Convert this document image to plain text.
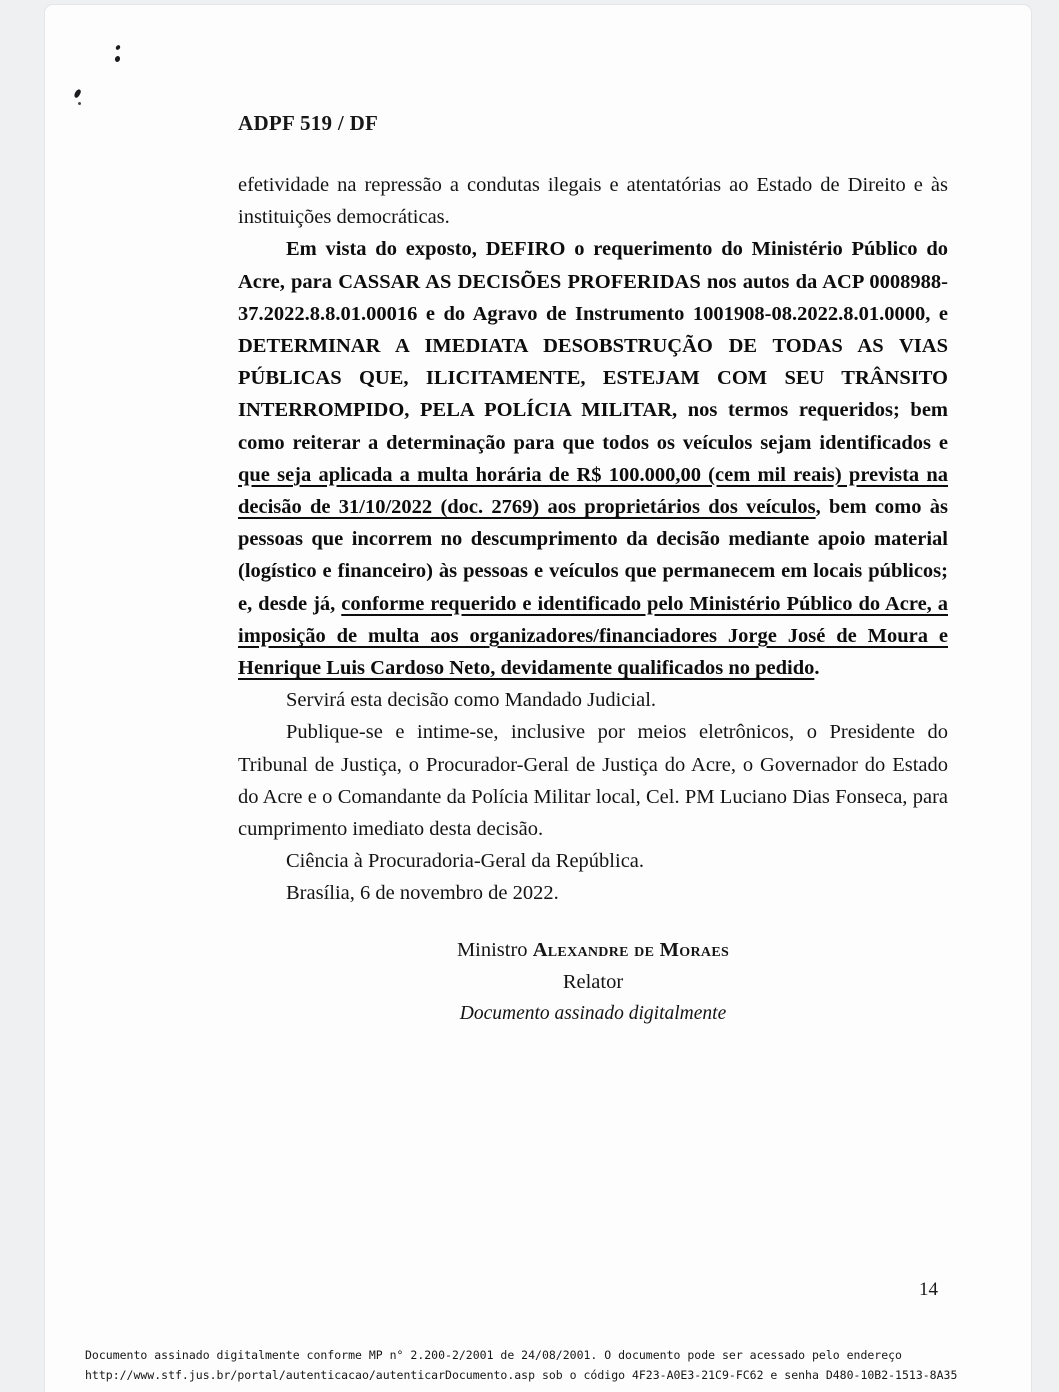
ADPF 519 / DF

efetividade na repressão a condutas ilegais e atentatórias ao Estado de Direito e às instituições democráticas.

Em vista do exposto, DEFIRO o requerimento do Ministério Público do Acre, para CASSAR AS DECISÕES PROFERIDAS nos autos da ACP 0008988-37.2022.8.8.01.00016 e do Agravo de Instrumento 1001908-08.2022.8.01.0000, e DETERMINAR A IMEDIATA DESOBSTRUÇÃO DE TODAS AS VIAS PÚBLICAS QUE, ILICITAMENTE, ESTEJAM COM SEU TRÂNSITO INTERROMPIDO, PELA POLÍCIA MILITAR, nos termos requeridos; bem como reiterar a determinação para que todos os veículos sejam identificados e que seja aplicada a multa horária de R$ 100.000,00 (cem mil reais) prevista na decisão de 31/10/2022 (doc. 2769) aos proprietários dos veículos, bem como às pessoas que incorrem no descumprimento da decisão mediante apoio material (logístico e financeiro) às pessoas e veículos que permanecem em locais públicos; e, desde já, conforme requerido e identificado pelo Ministério Público do Acre, a imposição de multa aos organizadores/financiadores Jorge José de Moura e Henrique Luis Cardoso Neto, devidamente qualificados no pedido.

Servirá esta decisão como Mandado Judicial.

Publique-se e intime-se, inclusive por meios eletrônicos, o Presidente do Tribunal de Justiça, o Procurador-Geral de Justiça do Acre, o Governador do Estado do Acre e o Comandante da Polícia Militar local, Cel. PM Luciano Dias Fonseca, para cumprimento imediato desta decisão.

Ciência à Procuradoria-Geral da República.

Brasília, 6 de novembro de 2022.

Ministro Alexandre de Moraes
Relator
Documento assinado digitalmente
14
Documento assinado digitalmente conforme MP n° 2.200-2/2001 de 24/08/2001. O documento pode ser acessado pelo endereço
http://www.stf.jus.br/portal/autenticacao/autenticarDocumento.asp sob o código 4F23-A0E3-21C9-FC62 e senha D480-10B2-1513-8A35
